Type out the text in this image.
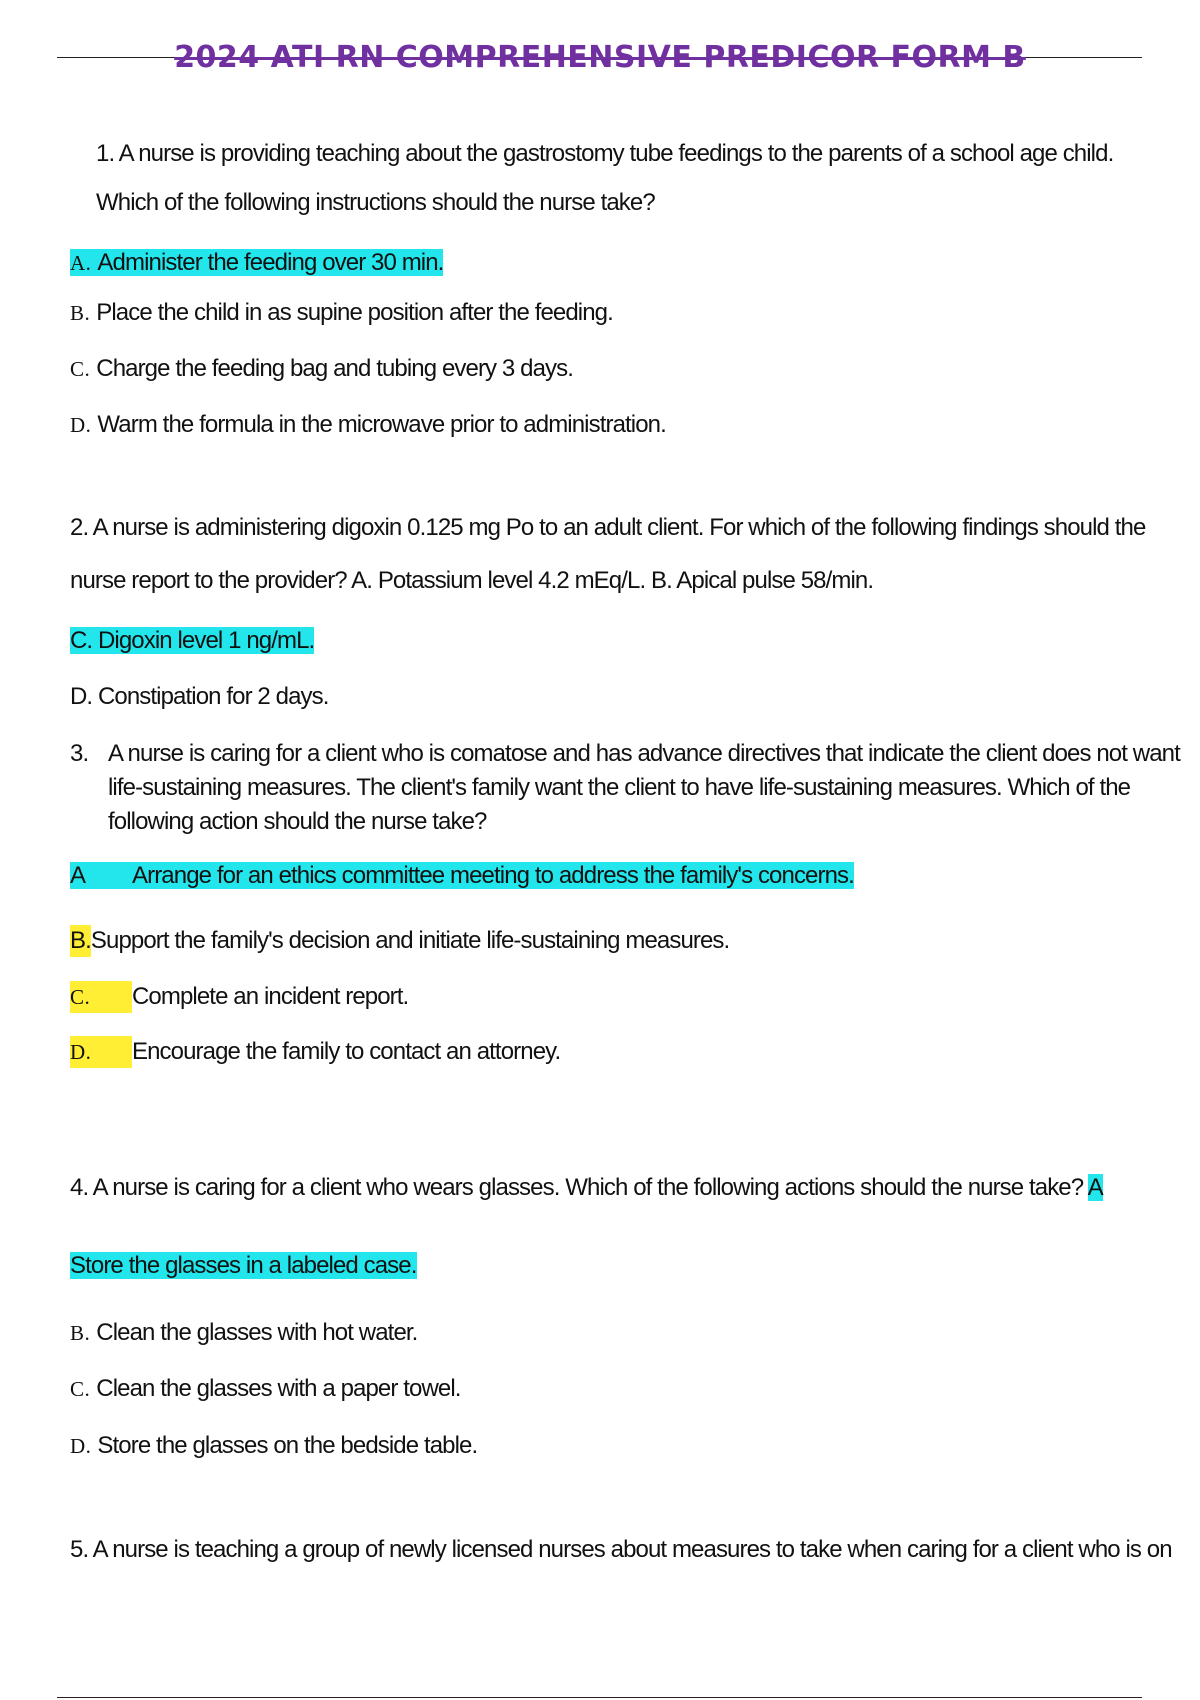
2024 ATI RN COMPREHENSIVE PREDICOR FORM B
1. A nurse is providing teaching about the gastrostomy tube feedings to the parents of a school age child.
Which of the following instructions should the nurse take?
A. Administer the feeding over 30 min.
B. Place the child in as supine position after the feeding.
C. Charge the feeding bag and tubing every 3 days.
D. Warm the formula in the microwave prior to administration.
2. A nurse is administering digoxin 0.125 mg Po to an adult client. For which of the following findings should the
nurse report to the provider? A. Potassium level 4.2 mEq/L. B. Apical pulse 58/min.
C. Digoxin level 1 ng/mL.
D. Constipation for 2 days.
3. A nurse is caring for a client who is comatose and has advance directives that indicate the client does not want
life-sustaining measures. The client's family want the client to have life-sustaining measures. Which of the
following action should the nurse take?
A Arrange for an ethics committee meeting to address the family's concerns.
B.Support the family's decision and initiate life-sustaining measures.
C. Complete an incident report.
D. Encourage the family to contact an attorney.
4. A nurse is caring for a client who wears glasses. Which of the following actions should the nurse take? A
Store the glasses in a labeled case.
B. Clean the glasses with hot water.
C. Clean the glasses with a paper towel.
D. Store the glasses on the bedside table.
5. A nurse is teaching a group of newly licensed nurses about measures to take when caring for a client who is on
